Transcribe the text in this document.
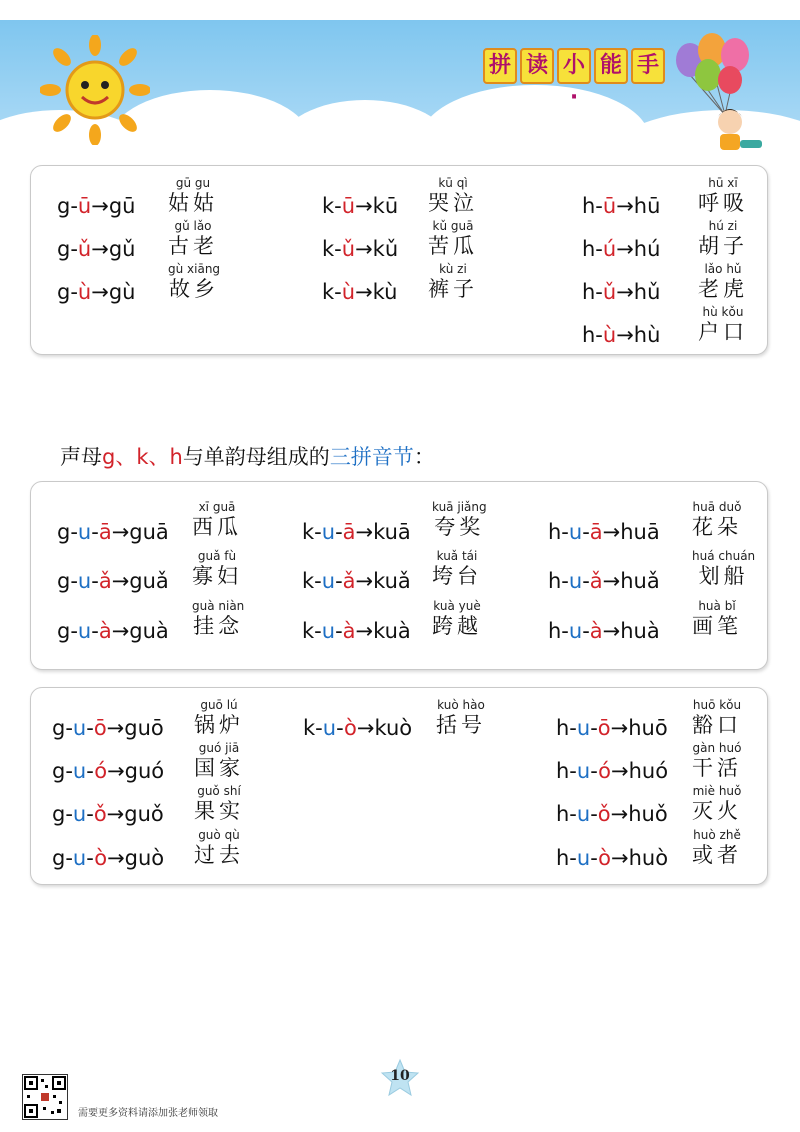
拼 读 小·
能 手
g-ū→gū
gū gu
姑姑
g-ǔ→gǔ
gǔ lǎo
古老
g-ù→gù
gù xiāng
故乡
k-ū→kū
kū qì
哭泣
k-ǔ→kǔ
kǔ guā
苦瓜
k-ù→kù
kù zi
裤子
h-ū→hū
hū xī
呼吸
h-ú→hú
hú zi
胡子
h-ǔ→hǔ
lǎo hǔ
老虎
h-ù→hù
hù kǒu
户口
声母g、k、h与单韵母组成的三拼音节：
g-u-ā→guā
xī guā
西瓜
g-u-ǎ→guǎ
guǎ fù
寡妇
g-u-à→guà
guà niàn
挂念
k-u-ā→kuā
kuā jiǎng
夸奖
k-u-ǎ→kuǎ
kuǎ tái
垮台
k-u-à→kuà
kuà yuè
跨越
h-u-ā→huā
huā duǒ
花朵
h-u-ǎ→huǎ
huá chuán
划船
h-u-à→huà
huà bǐ
画笔
g-u-ō→guō
guō lú
锅炉
g-u-ó→guó
guó jiā
国家
g-u-ǒ→guǒ
guǒ shí
果实
g-u-ò→guò
guò qù
过去
k-u-ò→kuò
kuò hào
括号	h-u-ō→huō
huō kǒu
豁口
h-u-ó→huó
gàn huó
干活
h-u-ǒ→huǒ
miè huǒ
灭火
h-u-ò→huò
huò zhě
或者
10
需要更多资料请添加张老师领取
